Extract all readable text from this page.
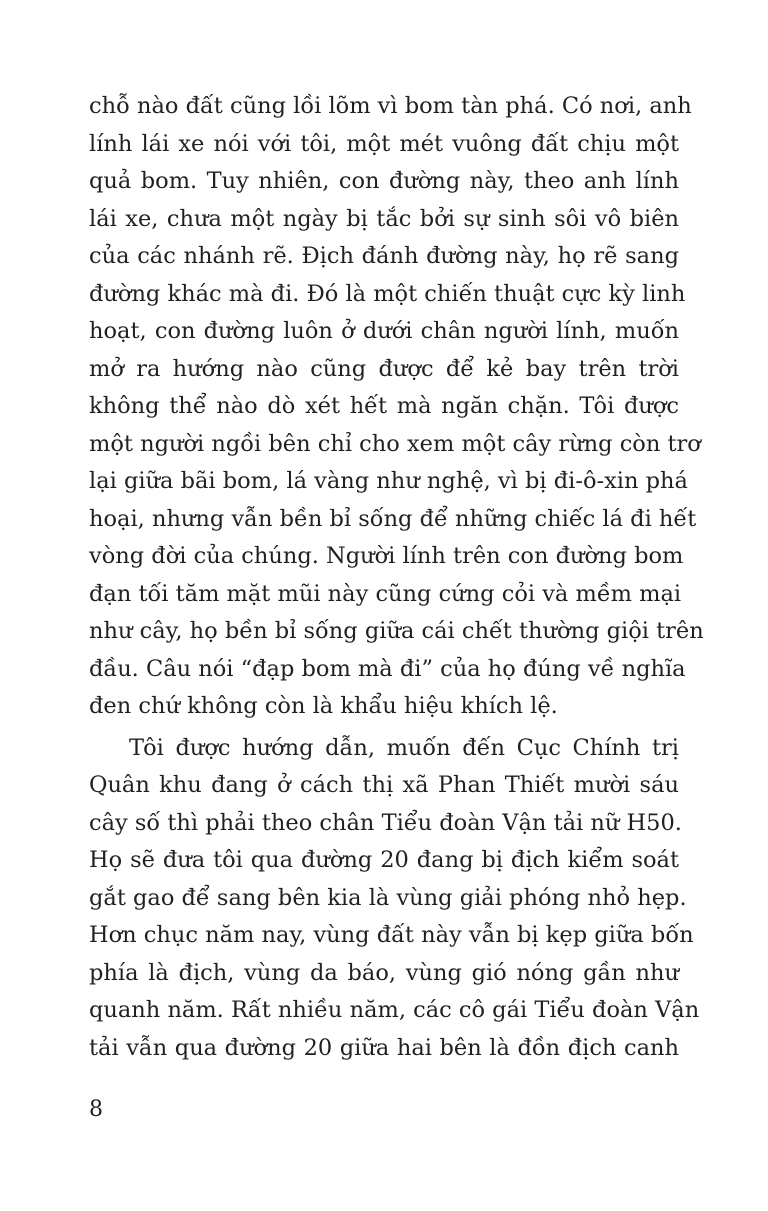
chỗ nào đất cũng lồi lõm vì bom tàn phá. Có nơi, anh
lính lái xe nói với tôi, một mét vuông đất chịu một
quả bom. Tuy nhiên, con đường này, theo anh lính
lái xe, chưa một ngày bị tắc bởi sự sinh sôi vô biên
của các nhánh rẽ. Địch đánh đường này, họ rẽ sang
đường khác mà đi. Đó là một chiến thuật cực kỳ linh
hoạt, con đường luôn ở dưới chân người lính, muốn
mở ra hướng nào cũng được để kẻ bay trên trời
không thể nào dò xét hết mà ngăn chặn. Tôi được
một người ngồi bên chỉ cho xem một cây rừng còn trơ
lại giữa bãi bom, lá vàng như nghệ, vì bị đi-ô-xin phá
hoại, nhưng vẫn bền bỉ sống để những chiếc lá đi hết
vòng đời của chúng. Người lính trên con đường bom
đạn tối tăm mặt mũi này cũng cứng cỏi và mềm mại
như cây, họ bền bỉ sống giữa cái chết thường giội trên
đầu. Câu nói “đạp bom mà đi” của họ đúng về nghĩa
đen chứ không còn là khẩu hiệu khích lệ.
Tôi được hướng dẫn, muốn đến Cục Chính trị
Quân khu đang ở cách thị xã Phan Thiết mười sáu
cây số thì phải theo chân Tiểu đoàn Vận tải nữ H50.
Họ sẽ đưa tôi qua đường 20 đang bị địch kiểm soát
gắt gao để sang bên kia là vùng giải phóng nhỏ hẹp.
Hơn chục năm nay, vùng đất này vẫn bị kẹp giữa bốn
phía là địch, vùng da báo, vùng gió nóng gần như
quanh năm. Rất nhiều năm, các cô gái Tiểu đoàn Vận
tải vẫn qua đường 20 giữa hai bên là đồn địch canh
8
